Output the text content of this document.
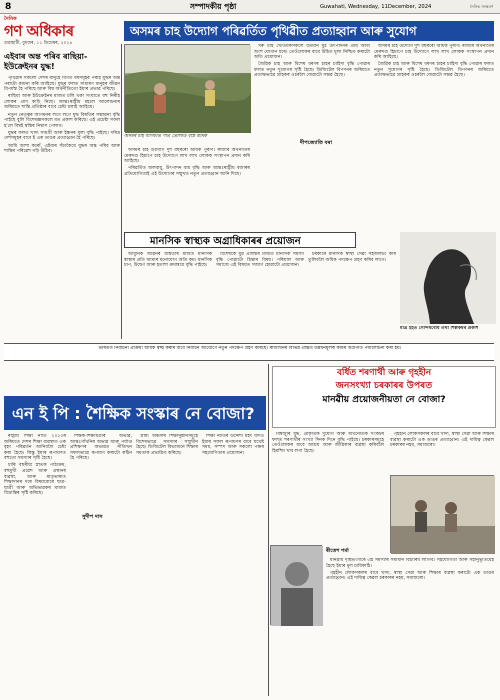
8	সম্পাদকীয় পৃষ্ঠা	Guwahati, Wednesday, 11December, 2024	দৈনিক সংস্কৰণ
দৈনিক
গণ অধিকাৰ
গুৱাহাটী, বুধবাৰ, ১১ ডিচেম্বৰ, ২০২৪
অসমৰ চাহ উদ্যোগ পৰিৱৰ্তিত পৃথিৱীত প্ৰত্যাহ্বান আৰু সুযোগ
এইবাৰ অন্ত পৰিব ৰাছিয়া-ইউক্ৰেইনৰ যুদ্ধ!

পৃথিৱীৰ সকলো দেশৰ মানুহে বিগত বৰ্ষসমূহৰ পৰাই যুদ্ধৰ অন্ত পৰাটো কামনা কৰি আহিছে। যুদ্ধৰ ফলত সাধাৰণ মানুহৰ জীৱন বিপৰ্যস্ত হৈ পৰিছে আৰু বিশ্ব অৰ্থনীতিতো ইয়াৰ প্ৰভাৱ পৰিছে।

ৰাছিয়া আৰু ইউক্ৰেইনৰ মাজত চলি থকা সংঘাতে বহু নিৰীহ লোকৰ প্ৰাণ কাঢ়ি নিছে। আন্তঃৰাষ্ট্ৰীয় মহলে আলোচনাৰ জৰিয়তে শান্তি প্ৰতিষ্ঠাৰ বাবে চেষ্টা চলাই আহিছে।

নতুন নেতৃত্বৰ আগমনৰ লগে লগে যুদ্ধ বিৰতিৰ সম্ভাৱনা বৃদ্ধি পাইছে বুলি বিশেষজ্ঞসকলে মত প্ৰকাশ কৰিছে। এই প্ৰচেষ্টা সফল হ'লে বিশ্বই স্বস্তিৰ নিশ্বাস পেলাব।

যুদ্ধৰ ফলত খাদ্য সামগ্ৰী আৰু ইন্ধনৰ মূল্য বৃদ্ধি পাইছে। দৰিদ্ৰ দেশসমূহৰ বাবে ই এক ডাঙৰ প্ৰত্যাহ্বান হৈ পৰিছে।

আমি আশা কৰোঁ, এইবাৰ সঁচাকৈয়ে যুদ্ধৰ অন্ত পৰিব আৰু শান্তিৰ পৰিৱেশ গঢ়ি উঠিব।

অসমৰ চাহ বাগিচাত পাত তোলাত ব্যস্ত শ্ৰমিক

অসমৰ চাহ উদ্যোগ দুশ বছৰৰো অধিক পুৰণি। ৰাজ্যৰ অৰ্থনীতিৰ মেৰুদণ্ড হিচাপে চাহ উদ্যোগে লাখ লাখ লোকক সংস্থাপন প্ৰদান কৰি আহিছে।

পৰিৱৰ্তিত জলবায়ু, উৎপাদন ব্যয় বৃদ্ধি আৰু আন্তঃৰাষ্ট্ৰীয় বজাৰৰ প্ৰতিযোগিতাই এই উদ্যোগৰ সন্মুখত নতুন প্ৰত্যাহ্বান আনি দিছে।

সৰু চাহ খেতিয়কসকলে বৰ্তমান মুঠ উৎপাদনৰ প্ৰায় আধা অংশ যোগান ধৰে। তেওঁলোকৰ বাবে উচিত মূল্য নিশ্চিত কৰাটো অতি প্ৰয়োজন।

জৈৱিক চাহ আৰু বিশেষ ধৰণৰ চাহৰ চাহিদা বৃদ্ধি পোৱাৰ ফলত নতুন সুযোগৰ সৃষ্টি হৈছে। ডিজিটেল বিপণনৰ জৰিয়তে প্ৰত্যক্ষভাৱে গ্ৰাহকৰ ওচৰলৈ যোৱাটো সম্ভৱ হৈছে।

দীপজ্যোতি বৰা

অসমৰ চাহ উদ্যোগ দুশ বছৰৰো অধিক পুৰণি। ৰাজ্যৰ অৰ্থনীতিৰ মেৰুদণ্ড হিচাপে চাহ উদ্যোগে লাখ লাখ লোকক সংস্থাপন প্ৰদান কৰি আহিছে।

জৈৱিক চাহ আৰু বিশেষ ধৰণৰ চাহৰ চাহিদা বৃদ্ধি পোৱাৰ ফলত নতুন সুযোগৰ সৃষ্টি হৈছে। ডিজিটেল বিপণনৰ জৰিয়তে প্ৰত্যক্ষভাৱে গ্ৰাহকৰ ওচৰলৈ যোৱাটো সম্ভৱ হৈছে।

মানসিক স্বাস্থ্যক অগ্ৰাধিকাৰৰ প্ৰয়োজন

আধুনিক জীৱনৰ ব্যস্ততাৰ মাজত মানসিক স্বাস্থ্যৰ প্ৰতি আমাৰ মনোযোগ অতি কম। মানসিক চাপ, উদ্বেগ আৰু হতাশা ক্ৰমান্বয়ে বৃদ্ধি পাইছে।

বিশেষকৈ যুৱ প্ৰজন্মৰ মাজত মানসিক সমস্যা বৃদ্ধি পোৱাটো চিন্তাৰ বিষয়। পৰিয়াল আৰু সমাজে এই বিষয়ত সজাগ হোৱাটো প্ৰয়োজন।

চৰকাৰে মানসিক স্বাস্থ্য সেৱা সহজলভ্য কৰি তুলিবলৈ অধিক পদক্ষেপ গ্ৰহণ কৰিব লাগে।

মাত্ৰ ইহঁত সৌন্দৰ্যবোধ তথা শিল্পকৰ্মৰ প্ৰকাশ
ভাৰতত নিৰ্বাচনী প্ৰক্ৰিয়া অধিক স্বচ্ছ কৰাৰ বাবে নিৰ্বাচন আয়োগে নতুন পদক্ষেপ গ্ৰহণ কৰিছে। ৰাজ্যখনৰ বিভিন্ন প্ৰান্তত উন্নয়নমূলক কামৰ অগ্ৰগতি পৰ্যালোচনা কৰা হয়।
এন ই পি : শৈক্ষিক সংস্কাৰ নে বোজা?

ৰাষ্ট্ৰীয় শিক্ষা নীতি ২০২০ৰ জৰিয়তে দেশৰ শিক্ষা ব্যৱস্থাত এক বৃহৎ পৰিৱৰ্তন আনিবলৈ চেষ্টা কৰা হৈছে। কিন্তু ইয়াৰ ৰূপায়ণত বহুতো সমস্যাৰ সৃষ্টি হৈছে।

চাৰি বছৰীয়া স্নাতক পাঠ্যক্ৰম, বহুমুখী প্ৰৱেশ আৰু প্ৰস্থানৰ ব্যৱস্থা, আৰু মাতৃভাষাত শিক্ষাদানৰ দৰে বিষয়বোৰে ছাত্ৰ-ছাত্ৰী আৰু অভিভাৱকৰ মাজত বিভ্ৰান্তিৰ সৃষ্টি কৰিছে।

শিক্ষক-শিক্ষয়িত্ৰীৰ অভাৱ, আন্তঃগাঁথনিৰ অভাৱ আৰু পৰ্যাপ্ত প্ৰশিক্ষণৰ অভাৱত নীতিখন সফলভাৱে ৰূপায়ণ কৰাটো কঠিন হৈ পৰিছে।

সুদীপ দাস

গ্ৰাম্য অঞ্চলৰ শিক্ষানুষ্ঠানসমূহে বিশেষভাৱে সমস্যাৰ সন্মুখীন হৈছে। ডিজিটেল বিভাজনে শিক্ষাৰ সমতাক প্ৰভাৱিত কৰিছে।

শিক্ষা নীতিৰ উদ্দেশ্য মহৎ যদিও ইয়াৰ সফল ৰূপায়ণৰ বাবে যথেষ্ট সময়, সম্পদ আৰু সকলো পক্ষৰ সহযোগিতাৰ প্ৰয়োজন।

বৰ্ধিত শৰণাৰ্থী আৰু গৃহহীন
জনসংখ্যা চৰকাৰৰ উপৰত
মানৱীয় প্ৰয়োজনীয়তা নে বোজা?

বিশ্বজুৰি যুদ্ধ, প্ৰাকৃতিক দুৰ্যোগ আৰু অৰ্থনৈতিক সংকটৰ ফলত শৰণাৰ্থীৰ সংখ্যা দিনক দিনে বৃদ্ধি পাইছে। চৰকাৰসমূহে তেওঁলোকৰ বাবে আশ্ৰয় আৰু জীৱিকাৰ ব্যৱস্থা কৰিবলৈ হিমশিম খাব লগা হৈছে।

গৃহহীন লোকসকলৰ বাবে খাদ্য, স্বাস্থ্য সেৱা আৰু শিক্ষাৰ ব্যৱস্থা কৰাটো এক ডাঙৰ প্ৰত্যাহ্বান। এই দায়িত্ব কেৱল চৰকাৰৰ নহয়, সমাজৰো।

ৰীতেশ শৰ্মা

মানৱীয় দৃষ্টিভংগীৰে এই সমস্যাৰ সমাধান বিচাৰিব লাগিব। সহযোগিতা আৰু সহানুভূতিয়েই হৈছে ইয়াৰ মূল চাবিকাঠি।

গৃহহীন লোকসকলৰ বাবে খাদ্য, স্বাস্থ্য সেৱা আৰু শিক্ষাৰ ব্যৱস্থা কৰাটো এক ডাঙৰ প্ৰত্যাহ্বান। এই দায়িত্ব কেৱল চৰকাৰৰ নহয়, সমাজৰো।
